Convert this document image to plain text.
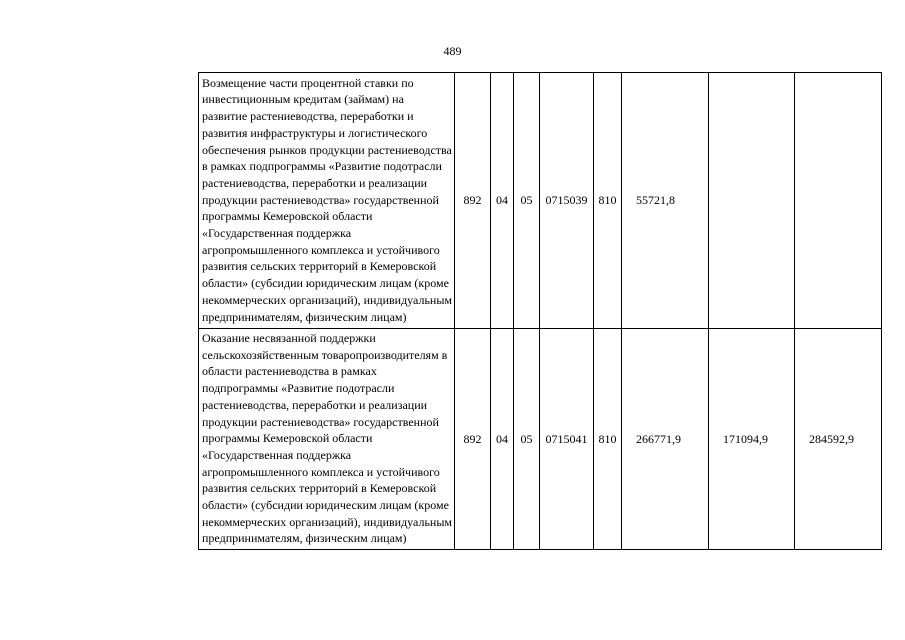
489
Возмещение части процентной ставки по инвестиционным кредитам (займам) на развитие растениеводства, переработки и развития инфраструктуры и логистического обеспечения рынков продукции растениеводства в рамках подпрограммы «Развитие подотрасли растениеводства, переработки и реализации продукции растениеводства» государственной программы Кемеровской области «Государственная поддержка агропромышленного комплекса и устойчивого развития сельских территорий в Кемеровской области» (субсидии юридическим лицам (кроме некоммерческих организаций), индивидуальным предпринимателям, физическим лицам)	892	04	05	0715039	810	55721,8		
Оказание несвязанной поддержки сельскохозяйственным товаропроизводителям в области растениеводства в рамках подпрограммы «Развитие подотрасли растениеводства, переработки и реализации продукции растениеводства» государственной программы Кемеровской области «Государственная поддержка агропромышленного комплекса и устойчивого развития сельских территорий в Кемеровской области» (субсидии юридическим лицам (кроме некоммерческих организаций), индивидуальным предпринимателям, физическим лицам)	892	04	05	0715041	810	266771,9	171094,9	284592,9
